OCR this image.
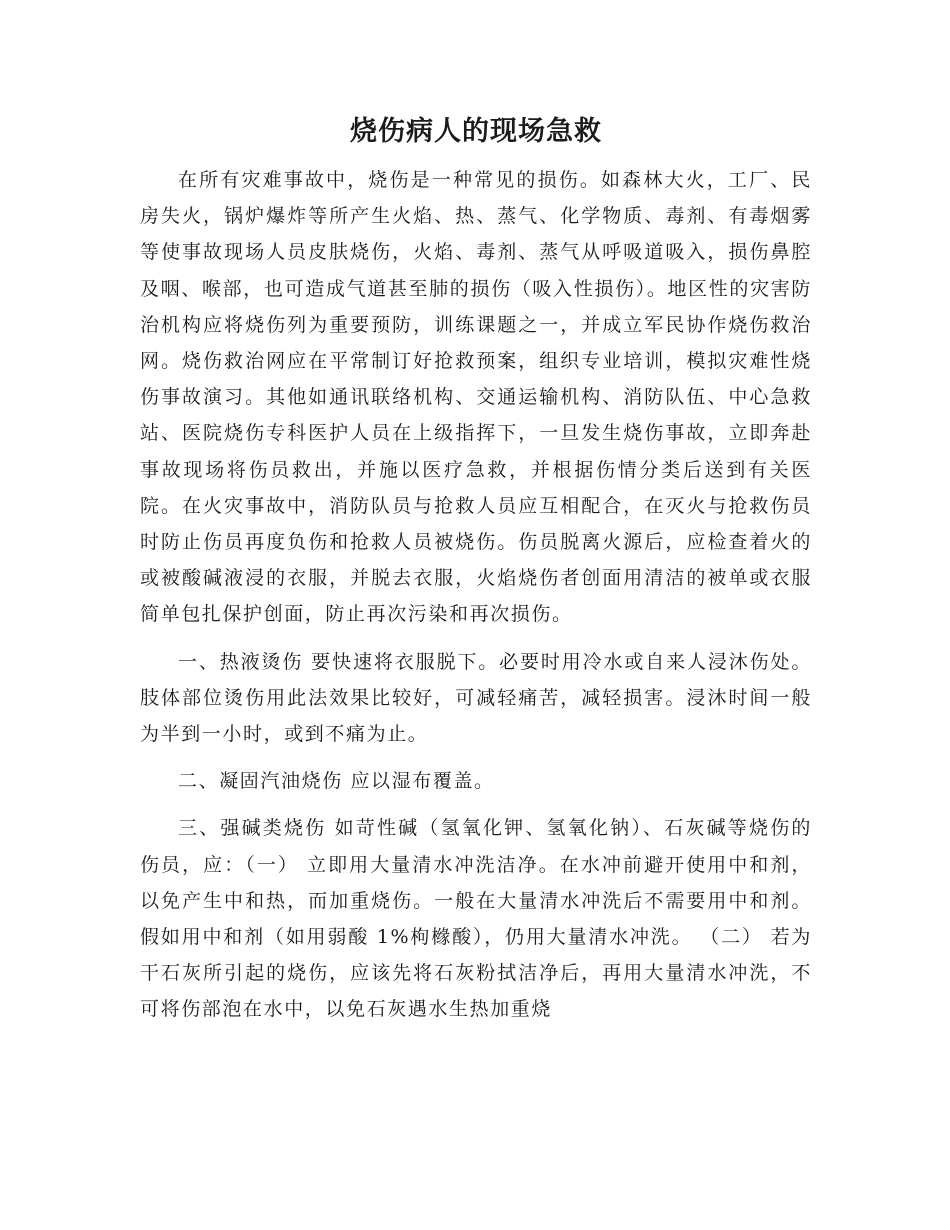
烧伤病人的现场急救

在所有灾难事故中，烧伤是一种常见的损伤。如森林大火，工厂、民房失火，锅炉爆炸等所产生火焰、热、蒸气、化学物质、毒剂、有毒烟雾等使事故现场人员皮肤烧伤，火焰、毒剂、蒸气从呼吸道吸入，损伤鼻腔及咽、喉部，也可造成气道甚至肺的损伤（吸入性损伤）。地区性的灾害防治机构应将烧伤列为重要预防，训练课题之一，并成立军民协作烧伤救治网。烧伤救治网应在平常制订好抢救预案，组织专业培训，模拟灾难性烧伤事故演习。其他如通讯联络机构、交通运输机构、消防队伍、中心急救站、医院烧伤专科医护人员在上级指挥下，一旦发生烧伤事故，立即奔赴事故现场将伤员救出，并施以医疗急救，并根据伤情分类后送到有关医院。在火灾事故中，消防队员与抢救人员应互相配合，在灭火与抢救伤员时防止伤员再度负伤和抢救人员被烧伤。伤员脱离火源后，应检查着火的或被酸碱液浸的衣服，并脱去衣服，火焰烧伤者创面用清洁的被单或衣服简单包扎保护创面，防止再次污染和再次损伤。

一、热液烫伤 要快速将衣服脱下。必要时用冷水或自来人浸沐伤处。肢体部位烫伤用此法效果比较好，可减轻痛苦，减轻损害。浸沐时间一般为半到一小时，或到不痛为止。

二、凝固汽油烧伤 应以湿布覆盖。

三、强碱类烧伤 如苛性碱（氢氧化钾、氢氧化钠）、石灰碱等烧伤的伤员，应：（一） 立即用大量清水冲洗洁净。在水冲前避开使用中和剂，以免产生中和热，而加重烧伤。一般在大量清水冲洗后不需要用中和剂。假如用中和剂（如用弱酸 1%枸橼酸），仍用大量清水冲洗。 （二） 若为干石灰所引起的烧伤，应该先将石灰粉拭洁净后，再用大量清水冲洗，不可将伤部泡在水中，以免石灰遇水生热加重烧
